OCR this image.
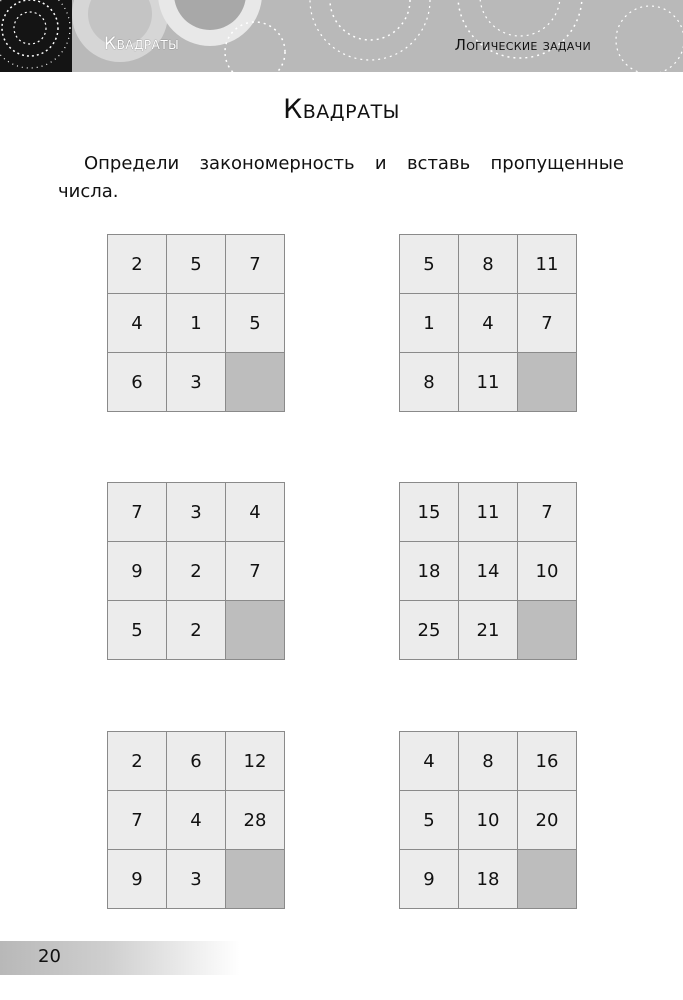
Квадраты	Логические задачи
Квадраты
Определи закономерность и вставь пропущенные числа.
2	5	7
4	1	5
6	3	
5	8	11
1	4	7
8	11	
7	3	4
9	2	7
5	2	
15	11	7
18	14	10
25	21	
2	6	12
7	4	28
9	3	
4	8	16
5	10	20
9	18	
20
